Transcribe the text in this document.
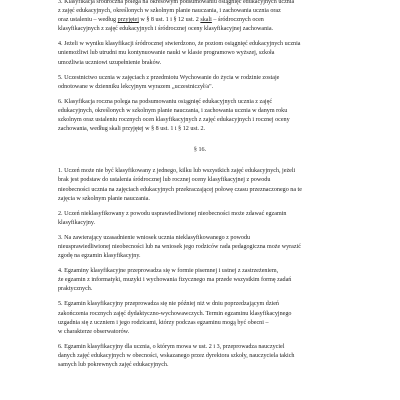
3. Klasyfikacja śródroczna polega na okresowym podsumowaniu osiągnięć edukacyjnych ucznia
z zajęć edukacyjnych, określonych w szkolnym planie nauczania, i zachowania ucznia oraz
oraz ustaleniu – według przyjętej w § 8 ust. 1 i § 12 ust. 2 skali – śródrocznych ocen
klasyfikacyjnych z zajęć edukacyjnych i śródrocznej oceny klasyfikacyjnej zachowania.

4. Jeżeli w wyniku klasyfikacji śródrocznej stwierdzono, że poziom osiągnięć edukacyjnych ucznia
uniemożliwi lub utrudni mu kontynuowanie nauki w klasie programowo wyższej, szkoła
umożliwia uczniowi uzupełnienie braków.

5. Uczestnictwo ucznia w zajęciach z przedmiotu Wychowanie do życia w rodzinie zostaje
odnotowane w dzienniku lekcyjnym wyrazem „uczestniczył/a".

6. Klasyfikacja roczna polega na podsumowaniu osiągnięć edukacyjnych ucznia z zajęć
edukacyjnych, określonych w szkolnym planie nauczania, i zachowania ucznia w danym roku
szkolnym oraz ustaleniu rocznych ocen klasyfikacyjnych z zajęć edukacyjnych i rocznej oceny
zachowania, według skali przyjętej w § 8 ust. 1 i § 12 ust. 2.

§ 16.

1. Uczeń może nie być klasyfikowany z jednego, kilku lub wszystkich zajęć edukacyjnych, jeżeli
brak jest podstaw do ustalenia śródrocznej lub rocznej oceny klasyfikacyjnej z powodu
nieobecności ucznia na zajęciach edukacyjnych przekraczającej połowę czasu przeznaczonego na te
zajęcia w szkolnym planie nauczania.

2. Uczeń nieklasyfikowany z powodu usprawiedliwionej nieobecności może zdawać egzamin
klasyfikacyjny.

3. Na zawierający uzasadnienie wniosek ucznia nieklasyfikowanego z powodu
nieusprawiedliwionej nieobecności lub na wniosek jego rodziców rada pedagogiczna może wyrazić
zgodę na egzamin klasyfikacyjny.

4. Egzaminy klasyfikacyjne przeprowadza się w formie pisemnej i ustnej z zastrzeżeniem,
że egzamin z informatyki, muzyki i wychowania fizycznego ma przede wszystkim formę zadań
praktycznych.

5. Egzamin klasyfikacyjny przeprowadza się nie później niż w dniu poprzedzającym dzień
zakończenia rocznych zajęć dydaktyczno-wychowawczych. Termin egzaminu klasyfikacyjnego
uzgadnia się z uczniem i jego rodzicami, którzy podczas egzaminu mogą być obecni –
w charakterze obserwatorów.

6. Egzamin klasyfikacyjny dla ucznia, o którym mowa w ust. 2 i 3, przeprowadza nauczyciel
danych zajęć edukacyjnych w obecności, wskazanego przez dyrektora szkoły, nauczyciela takich
samych lub pokrewnych zajęć edukacyjnych.
